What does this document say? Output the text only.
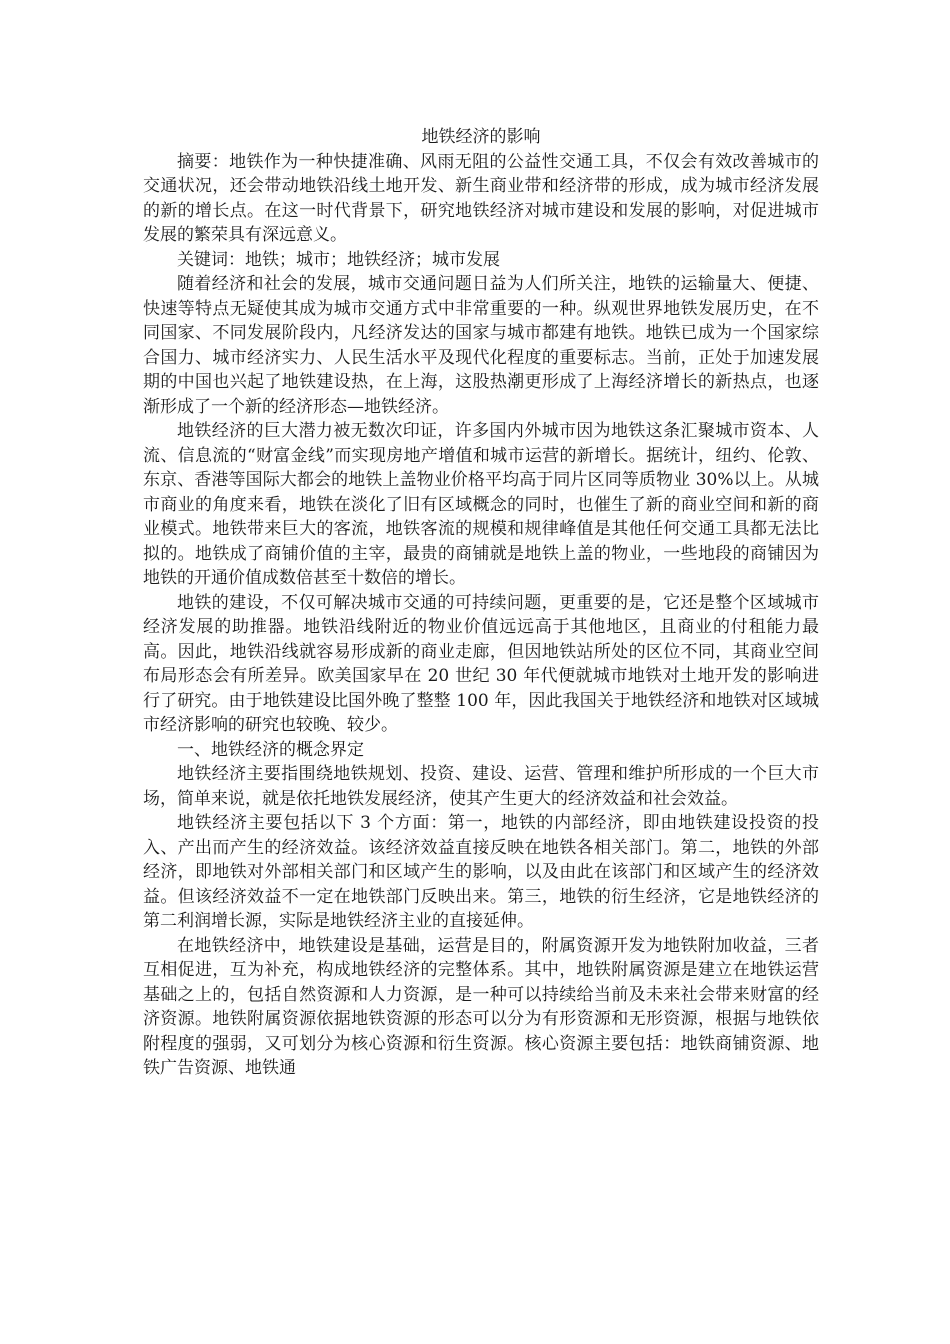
地铁经济的影响

摘要：地铁作为一种快捷准确、风雨无阻的公益性交通工具，不仅会有效改善城市的交通状况，还会带动地铁沿线土地开发、新生商业带和经济带的形成，成为城市经济发展的新的增长点。在这一时代背景下，研究地铁经济对城市建设和发展的影响，对促进城市发展的繁荣具有深远意义。

关键词：地铁；城市；地铁经济；城市发展

随着经济和社会的发展，城市交通问题日益为人们所关注，地铁的运输量大、便捷、快速等特点无疑使其成为城市交通方式中非常重要的一种。纵观世界地铁发展历史，在不同国家、不同发展阶段内，凡经济发达的国家与城市都建有地铁。地铁已成为一个国家综合国力、城市经济实力、人民生活水平及现代化程度的重要标志。当前，正处于加速发展期的中国也兴起了地铁建设热，在上海，这股热潮更形成了上海经济增长的新热点，也逐渐形成了一个新的经济形态—地铁经济。

地铁经济的巨大潜力被无数次印证，许多国内外城市因为地铁这条汇聚城市资本、人流、信息流的“财富金线”而实现房地产增值和城市运营的新增长。据统计，纽约、伦敦、东京、香港等国际大都会的地铁上盖物业价格平均高于同片区同等质物业 30%以上。从城市商业的角度来看，地铁在淡化了旧有区域概念的同时，也催生了新的商业空间和新的商业模式。地铁带来巨大的客流，地铁客流的规模和规律峰值是其他任何交通工具都无法比拟的。地铁成了商铺价值的主宰，最贵的商铺就是地铁上盖的物业，一些地段的商铺因为地铁的开通价值成数倍甚至十数倍的增长。

地铁的建设，不仅可解决城市交通的可持续问题，更重要的是，它还是整个区域城市经济发展的助推器。地铁沿线附近的物业价值远远高于其他地区，且商业的付租能力最高。因此，地铁沿线就容易形成新的商业走廊，但因地铁站所处的区位不同，其商业空间布局形态会有所差异。欧美国家早在 20 世纪 30 年代便就城市地铁对土地开发的影响进行了研究。由于地铁建设比国外晚了整整 100 年，因此我国关于地铁经济和地铁对区域城市经济影响的研究也较晚、较少。

一、地铁经济的概念界定

地铁经济主要指围绕地铁规划、投资、建设、运营、管理和维护所形成的一个巨大市场，简单来说，就是依托地铁发展经济，使其产生更大的经济效益和社会效益。

地铁经济主要包括以下 3 个方面：第一，地铁的内部经济，即由地铁建设投资的投入、产出而产生的经济效益。该经济效益直接反映在地铁各相关部门。第二，地铁的外部经济，即地铁对外部相关部门和区域产生的影响，以及由此在该部门和区域产生的经济效益。但该经济效益不一定在地铁部门反映出来。第三，地铁的衍生经济，它是地铁经济的第二利润增长源，实际是地铁经济主业的直接延伸。

在地铁经济中，地铁建设是基础，运营是目的，附属资源开发为地铁附加收益，三者互相促进，互为补充，构成地铁经济的完整体系。其中，地铁附属资源是建立在地铁运营基础之上的，包括自然资源和人力资源，是一种可以持续给当前及未来社会带来财富的经济资源。地铁附属资源依据地铁资源的形态可以分为有形资源和无形资源，根据与地铁依附程度的强弱，又可划分为核心资源和衍生资源。核心资源主要包括：地铁商铺资源、地铁广告资源、地铁通
